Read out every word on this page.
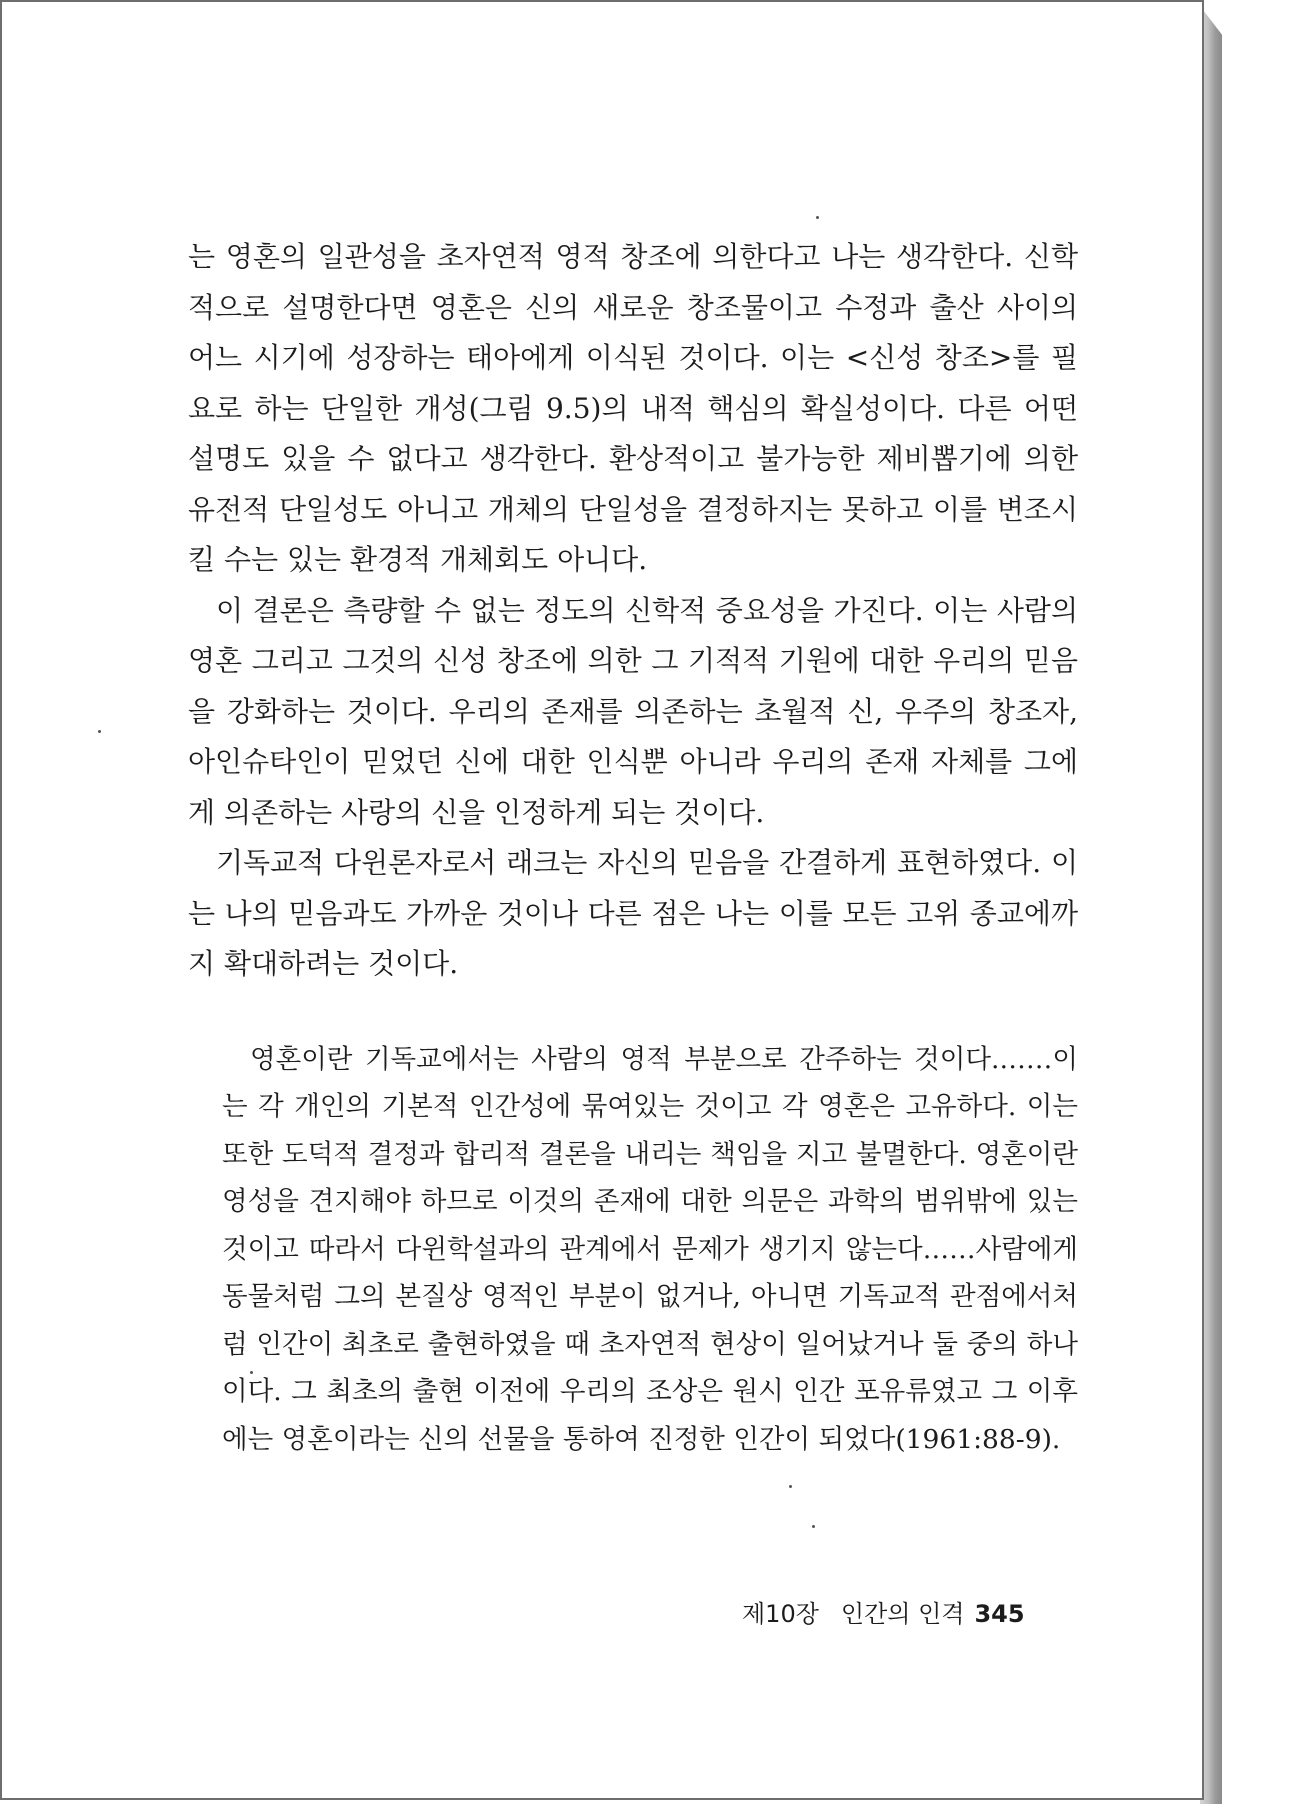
는 영혼의 일관성을 초자연적 영적 창조에 의한다고 나는 생각한다. 신학적으로 설명한다면 영혼은 신의 새로운 창조물이고 수정과 출산 사이의 어느 시기에 성장하는 태아에게 이식된 것이다. 이는 <신성 창조>를 필요로 하는 단일한 개성(그림 9.5)의 내적 핵심의 확실성이다. 다른 어떤 설명도 있을 수 없다고 생각한다. 환상적이고 불가능한 제비뽑기에 의한 유전적 단일성도 아니고 개체의 단일성을 결정하지는 못하고 이를 변조시킬 수는 있는 환경적 개체회도 아니다.

이 결론은 측량할 수 없는 정도의 신학적 중요성을 가진다. 이는 사람의 영혼 그리고 그것의 신성 창조에 의한 그 기적적 기원에 대한 우리의 믿음을 강화하는 것이다. 우리의 존재를 의존하는 초월적 신, 우주의 창조자, 아인슈타인이 믿었던 신에 대한 인식뿐 아니라 우리의 존재 자체를 그에게 의존하는 사랑의 신을 인정하게 되는 것이다.

기독교적 다윈론자로서 래크는 자신의 믿음을 간결하게 표현하였다. 이는 나의 믿음과도 가까운 것이나 다른 점은 나는 이를 모든 고위 종교에까지 확대하려는 것이다.

영혼이란 기독교에서는 사람의 영적 부분으로 간주하는 것이다.……이는 각 개인의 기본적 인간성에 묶여있는 것이고 각 영혼은 고유하다. 이는 또한 도덕적 결정과 합리적 결론을 내리는 책임을 지고 불멸한다. 영혼이란 영성을 견지해야 하므로 이것의 존재에 대한 의문은 과학의 범위밖에 있는 것이고 따라서 다윈학설과의 관계에서 문제가 생기지 않는다……사람에게 동물처럼 그의 본질상 영적인 부분이 없거나, 아니면 기독교적 관점에서처럼 인간이 최초로 출현하였을 때 초자연적 현상이 일어났거나 둘 중의 하나이다. 그 최초의 출현 이전에 우리의 조상은 원시 인간 포유류였고 그 이후에는 영혼이라는 신의 선물을 통하여 진정한 인간이 되었다(1961:88-9).

제10장 인간의 인격 345
